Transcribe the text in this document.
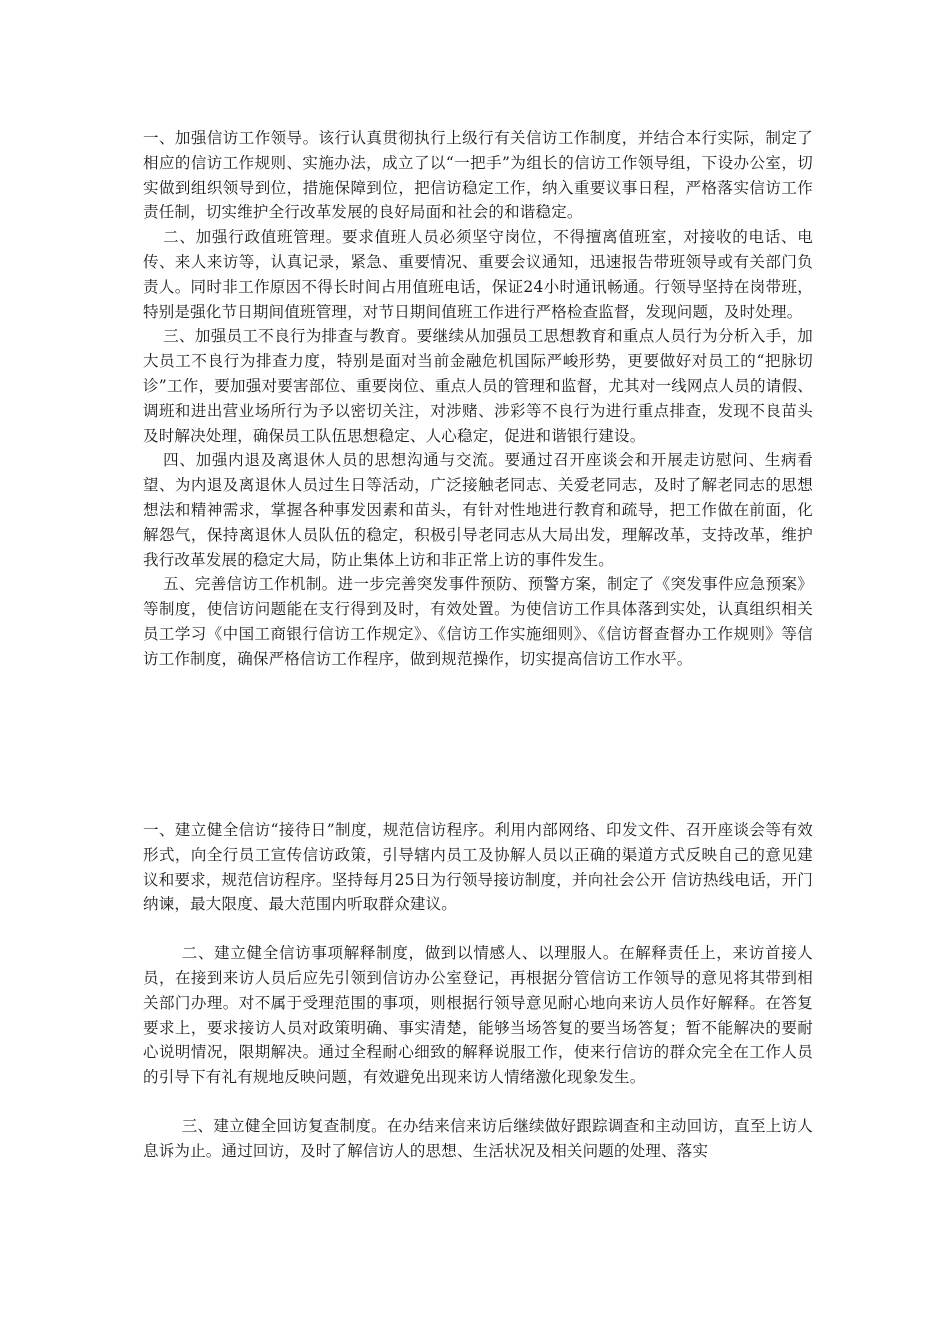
一、加强信访工作领导。该行认真贯彻执行上级行有关信访工作制度，并结合本行实际，制定了相应的信访工作规则、实施办法，成立了以“一把手”为组长的信访工作领导组，下设办公室，切实做到组织领导到位，措施保障到位，把信访稳定工作，纳入重要议事日程，严格落实信访工作责任制，切实维护全行改革发展的良好局面和社会的和谐稳定。

二、加强行政值班管理。要求值班人员必须坚守岗位，不得擅离值班室，对接收的电话、电传、来人来访等，认真记录，紧急、重要情况、重要会议通知，迅速报告带班领导或有关部门负责人。同时非工作原因不得长时间占用值班电话，保证24小时通讯畅通。行领导坚持在岗带班，特别是强化节日期间值班管理，对节日期间值班工作进行严格检查监督，发现问题，及时处理。

三、加强员工不良行为排查与教育。要继续从加强员工思想教育和重点人员行为分析入手，加大员工不良行为排查力度，特别是面对当前金融危机国际严峻形势，更要做好对员工的“把脉切诊”工作，要加强对要害部位、重要岗位、重点人员的管理和监督，尤其对一线网点人员的请假、调班和进出营业场所行为予以密切关注，对涉赌、涉彩等不良行为进行重点排查，发现不良苗头及时解决处理，确保员工队伍思想稳定、人心稳定，促进和谐银行建设。

四、加强内退及离退休人员的思想沟通与交流。要通过召开座谈会和开展走访慰问、生病看望、为内退及离退休人员过生日等活动，广泛接触老同志、关爱老同志，及时了解老同志的思想想法和精神需求，掌握各种事发因素和苗头，有针对性地进行教育和疏导，把工作做在前面，化解怨气，保持离退休人员队伍的稳定，积极引导老同志从大局出发，理解改革，支持改革，维护我行改革发展的稳定大局，防止集体上访和非正常上访的事件发生。

五、完善信访工作机制。进一步完善突发事件预防、预警方案，制定了《突发事件应急预案》等制度，使信访问题能在支行得到及时，有效处置。为使信访工作具体落到实处，认真组织相关员工学习《中国工商银行信访工作规定》、《信访工作实施细则》、《信访督查督办工作规则》等信访工作制度，确保严格信访工作程序，做到规范操作，切实提高信访工作水平。

一、建立健全信访“接待日”制度，规范信访程序。利用内部网络、印发文件、召开座谈会等有效形式，向全行员工宣传信访政策，引导辖内员工及协解人员以正确的渠道方式反映自己的意见建议和要求，规范信访程序。坚持每月25日为行领导接访制度，并向社会公开 信访热线电话，开门纳谏，最大限度、最大范围内听取群众建议。

二、建立健全信访事项解释制度，做到以情感人、以理服人。在解释责任上，来访首接人员，在接到来访人员后应先引领到信访办公室登记，再根据分管信访工作领导的意见将其带到相关部门办理。对不属于受理范围的事项，则根据行领导意见耐心地向来访人员作好解释。在答复要求上，要求接访人员对政策明确、事实清楚，能够当场答复的要当场答复；暂不能解决的要耐心说明情况，限期解决。通过全程耐心细致的解释说服工作，使来行信访的群众完全在工作人员的引导下有礼有规地反映问题，有效避免出现来访人情绪激化现象发生。

三、建立健全回访复查制度。在办结来信来访后继续做好跟踪调查和主动回访，直至上访人息诉为止。通过回访，及时了解信访人的思想、生活状况及相关问题的处理、落实
